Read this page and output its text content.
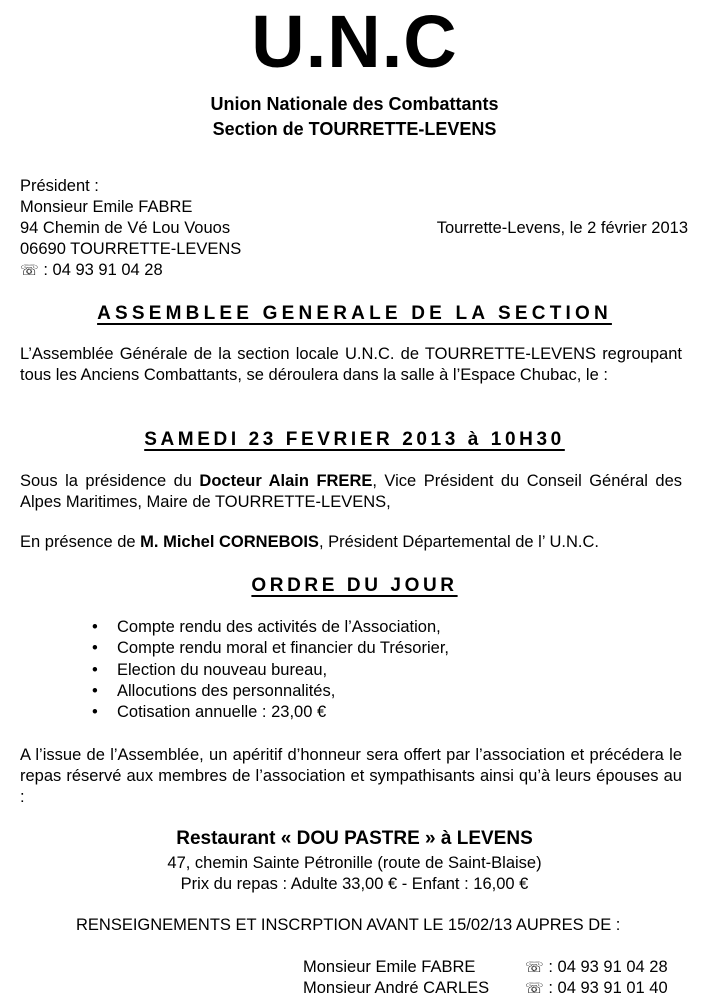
U.N.C
Union Nationale des Combattants
Section de TOURRETTE-LEVENS
Président :
Monsieur Emile FABRE
94 Chemin de Vé Lou Vouos
06690 TOURRETTE-LEVENS
☏ : 04 93 91 04 28
Tourrette-Levens, le 2 février 2013
ASSEMBLEE GENERALE DE LA SECTION
L’Assemblée Générale de la section locale U.N.C. de TOURRETTE-LEVENS regroupant tous les Anciens Combattants, se déroulera dans la salle à l’Espace Chubac, le :
SAMEDI 23 FEVRIER 2013 à 10H30
Sous la présidence du Docteur Alain FRERE, Vice Président du Conseil Général des Alpes Maritimes, Maire de TOURRETTE-LEVENS,
En présence de M. Michel CORNEBOIS, Président Départemental de l’ U.N.C.
ORDRE DU JOUR
• Compte rendu des activités de l’Association,
• Compte rendu moral et financier du Trésorier,
• Election du nouveau bureau,
• Allocutions des personnalités,
• Cotisation annuelle : 23,00 €
A l’issue de l’Assemblée, un apéritif d’honneur sera offert par l’association et précédera le repas réservé aux membres de l’association et sympathisants ainsi qu’à leurs épouses au :
Restaurant « DOU PASTRE » à LEVENS
47, chemin Sainte Pétronille (route de Saint-Blaise)
Prix du repas : Adulte 33,00 € - Enfant : 16,00 €
RENSEIGNEMENTS ET INSCRPTION AVANT LE 15/02/13 AUPRES DE :
Monsieur Emile FABRE	☏ : 04 93 91 04 28
Monsieur André CARLES ☏ : 04 93 91 01 40
